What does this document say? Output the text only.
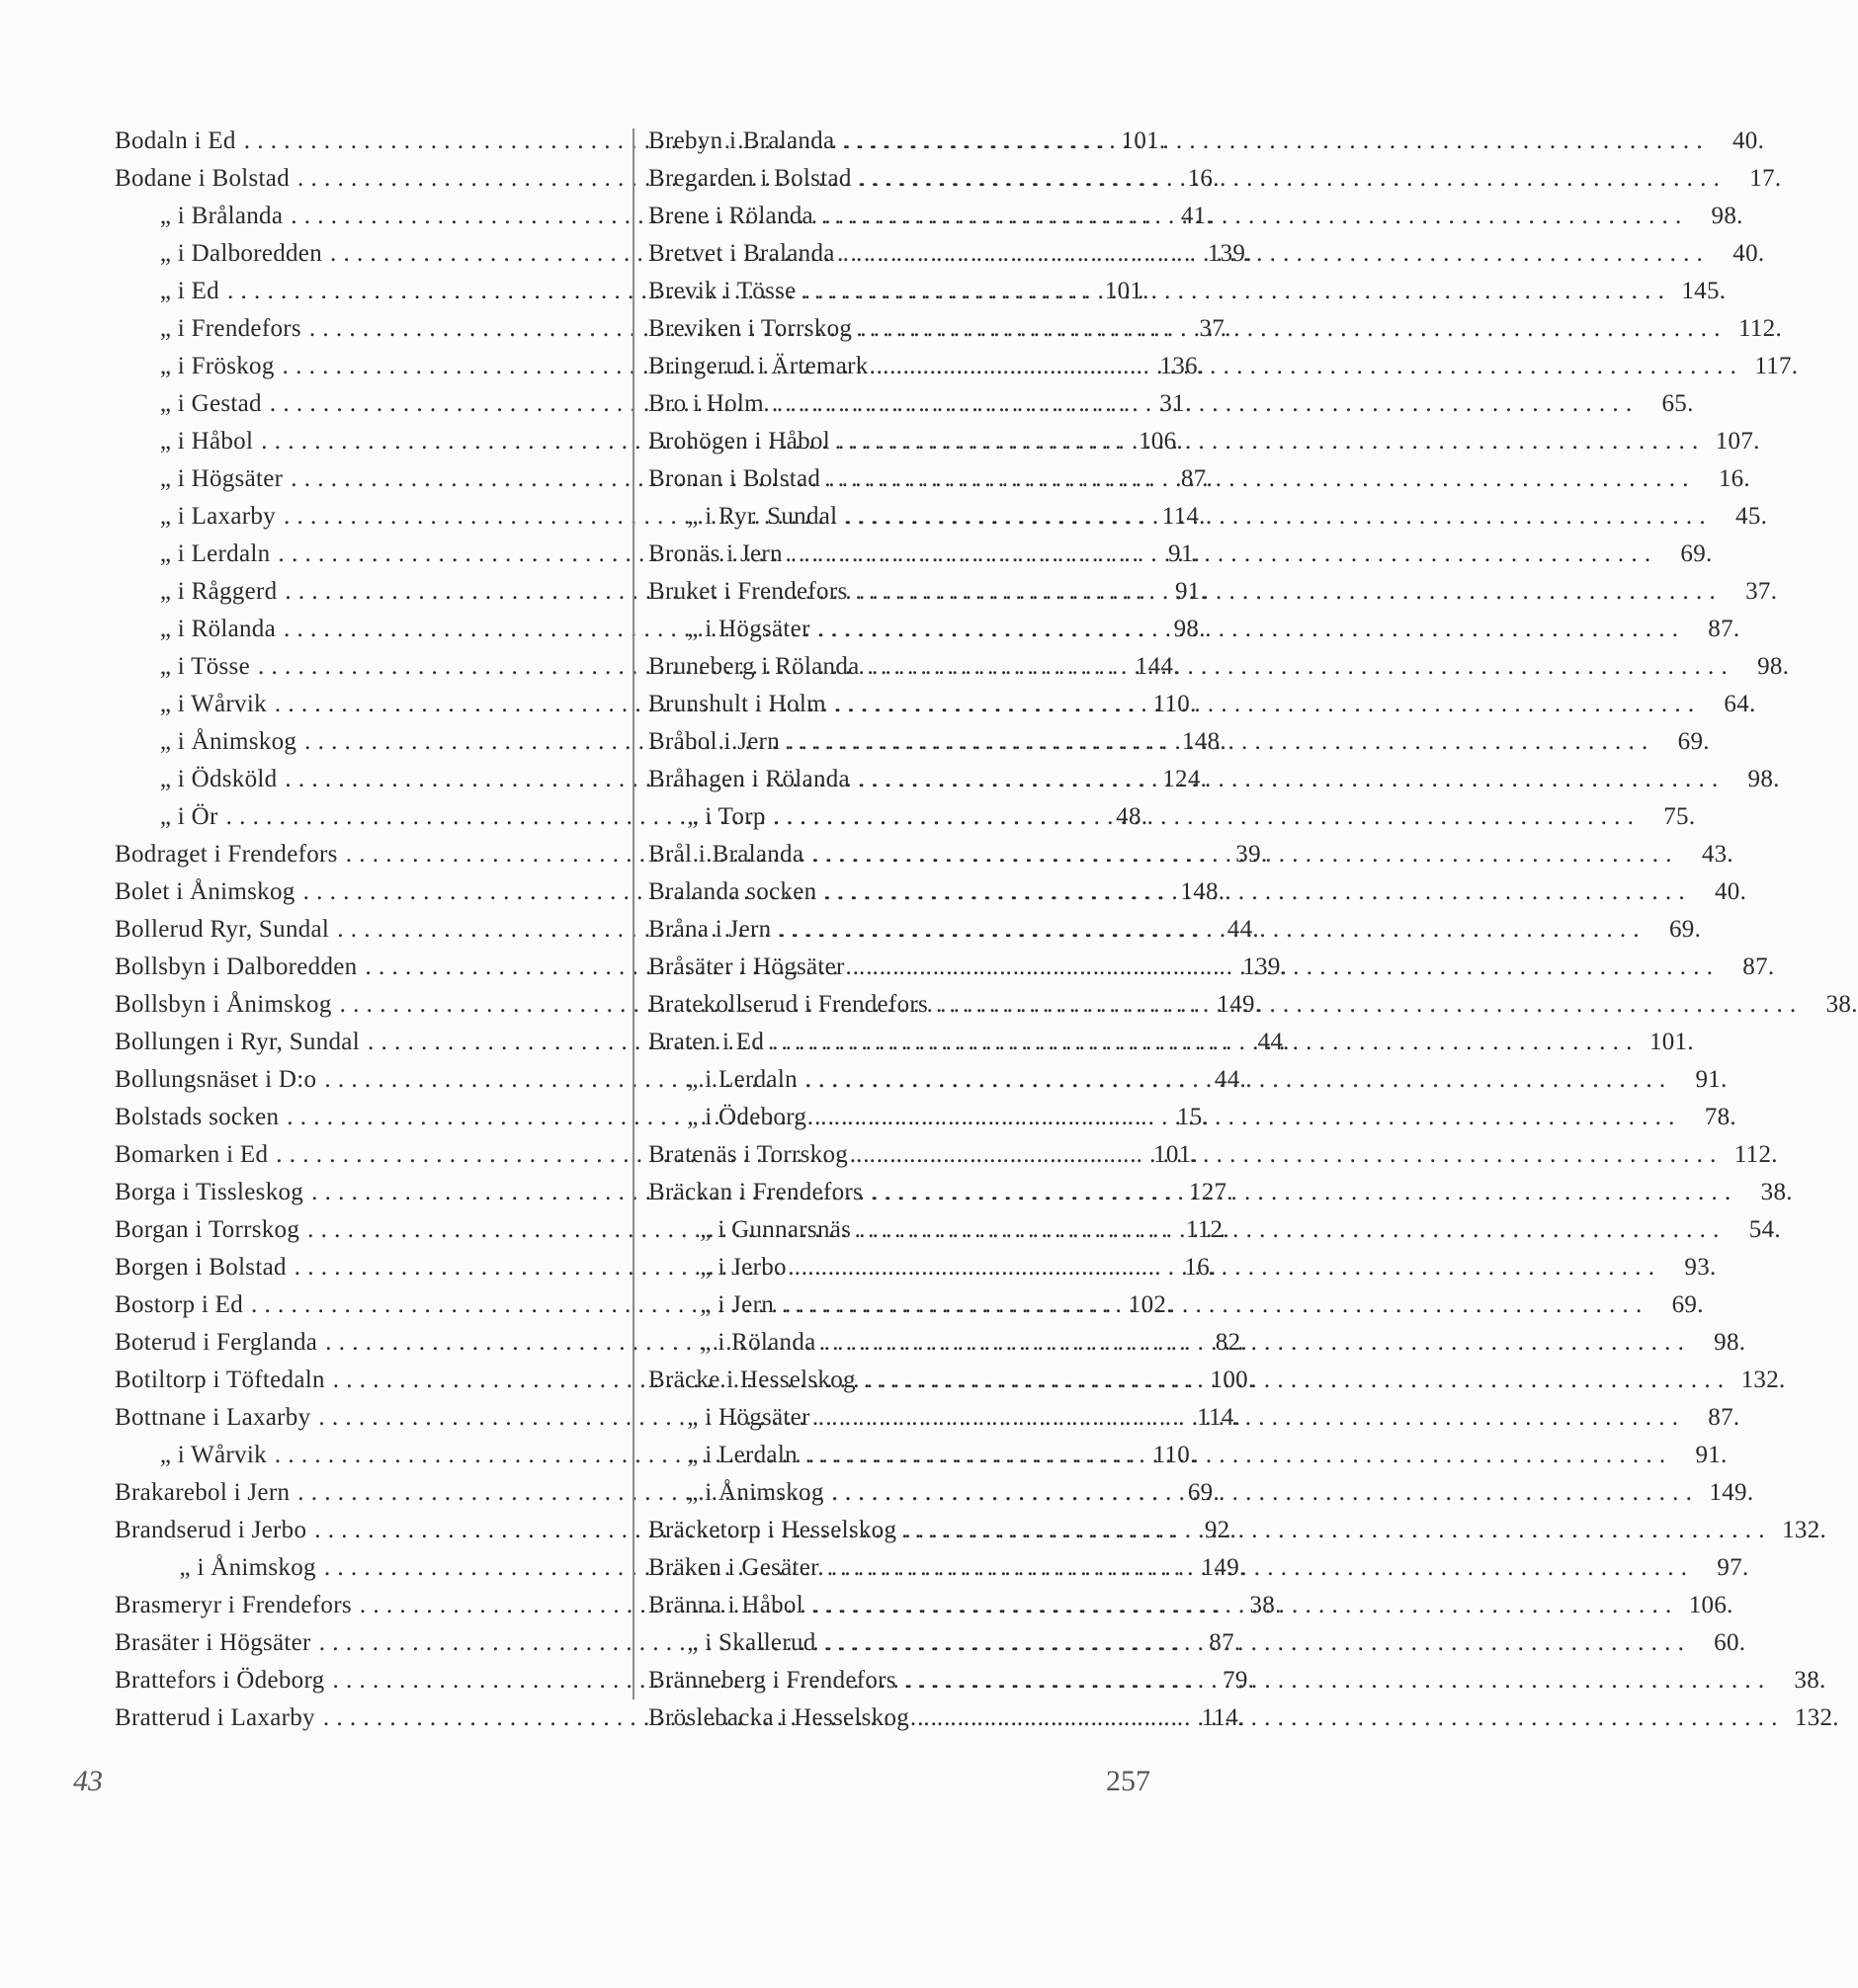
Bodaln i Ed . . .	101.
Bodane i Bolstad . . .	16.
„ i Brålanda . . .	41.
„ i Dalboredden . . .	139.
„ i Ed . . .	101.
„ i Frendefors . . .	37.
„ i Fröskog . . .	136.
„ i Gestad . . .	31.
„ i Håbol . . .	106.
„ i Högsäter . . .	87.
„ i Laxarby . . .	114.
„ i Lerdaln . . .	91.
„ i Råggerd . . .	91.
„ i Rölanda . . .	98.
„ i Tösse . . .	144.
„ i Wårvik . . .	110.
„ i Ånimskog . . .	148.
„ i Ödsköld . . .	124.
„ i Ör . . .	48.
Bodraget i Frendefors . . .	39.
Bolet i Ånimskog . . .	148.
Bollerud Ryr, Sundal . . .	44.
Bollsbyn i Dalboredden . . .	139.
Bollsbyn i Ånimskog . . .	149.
Bollungen i Ryr, Sundal . . .	44.
Bollungsnäset i D:o . . .	44.
Bolstads socken . . .	15.
Bomarken i Ed . . .	101.
Borga i Tissleskog . . .	127.
Borgan i Torrskog . . .	112.
Borgen i Bolstad . . .	16.
Bostorp i Ed . . .	102.
Boterud i Ferglanda . . .	82.
Botiltorp i Töftedaln . . .	100.
Bottnane i Laxarby . . .	114.
„ i Wårvik . . .	110.
Brakarebol i Jern . . .	69.
Brandserud i Jerbo . . .	92.
„ i Ånimskog . . .	149.
Brasmeryr i Frendefors . . .	38.
Brasäter i Högsäter . . .	87.
Brattefors i Ödeborg . . .	79.
Bratterud i Laxarby . . .	114.
Brebyn i Bralanda . . .	40.
Bregarden i Bolstad . . .	17.
Brene i Rölanda . . .	98.
Bretvet i Bralanda . . .	40.
Brevik i Tösse . . .	145.
Breviken i Torrskog . . .	112.
Bringerud i Ärtemark . . .	117.
Bro i Holm . . .	65.
Brohögen i Håbol . . .	107.
Bronan i Bolstad . . .	16.
„ i Ryr. Sundal . . .	45.
Bronäs i Jern . . .	69.
Bruket i Frendefors . . .	37.
„ i Högsäter . . .	87.
Bruneberg i Rölanda . . .	98.
Brunshult i Holm . . .	64.
Bråbol i Jern . . .	69.
Bråhagen i Rölanda . . .	98.
„ i Torp . . .	75.
Brål i Bralanda . . .	43.
Bralanda socken . . .	40.
Bråna i Jern . . .	69.
Bråsäter i Högsäter . . .	87.
Bratekollserud i Frendefors . . .	38.
Braten i Ed . . .	101.
„ i Lerdaln . . .	91.
„ i Ödeborg . . .	78.
Bratenäs i Torrskog . . .	112.
Bräckan i Frendefors . . .	38.
„ i Gunnarsnäs . . .	54.
„ i Jerbo . . .	93.
„ i Jern . . .	69.
„ i Rölanda . . .	98.
Bräcke i Hesselskog . . .	132.
„ i Högsäter . . .	87.
„ i Lerdaln . . .	91.
„ i Ånimskog . . .	149.
Bräcketorp i Hesselskog . . .	132.
Bräken i Gesäter . . .	97.
Bränna i Håbol . . .	106.
„ i Skallerud . . .	60.
Bränneberg i Frendefors . . .	38.
Bröslebacka i Hesselskog . . .	132.
43	257
